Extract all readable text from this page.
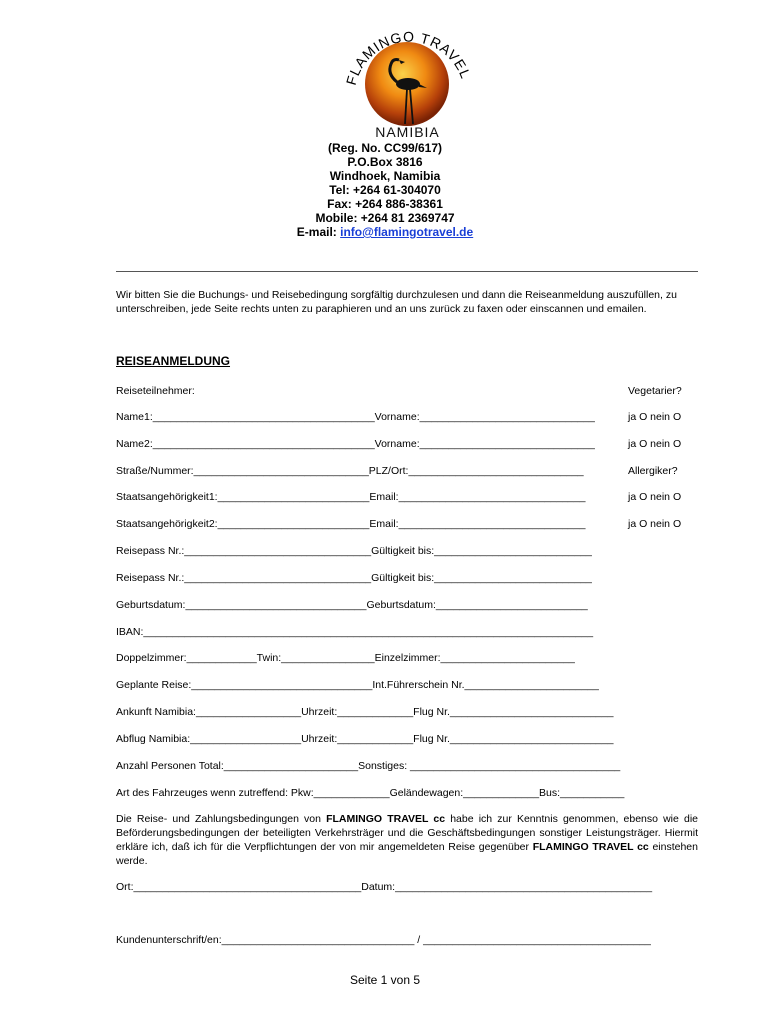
FLAMINGO TRAVEL
NAMIBIA
(Reg. No. CC99/617)
P.O.Box 3816
Windhoek, Namibia
Tel: +264 61-304070
Fax: +264 886-38361
Mobile: +264 81 2369747
E-mail: info@flamingotravel.de
Wir bitten Sie die Buchungs- und Reisebedingung sorgfältig durchzulesen und dann die Reiseanmeldung auszufüllen, zu unterschreiben, jede Seite rechts unten zu paraphieren und an uns zurück zu faxen oder einscannen und emailen.
REISEANMELDUNG
Reiseteilnehmer:	Vegetarier?
Name1:______________________________________Vorname:______________________________	ja O nein O
Name2:______________________________________Vorname:______________________________	ja O nein O
Straße/Nummer:______________________________PLZ/Ort:______________________________	Allergiker?
Staatsangehörigkeit1:__________________________Email:________________________________	ja O nein O
Staatsangehörigkeit2:__________________________Email:________________________________	ja O nein O
Reisepass Nr.:________________________________Gültigkeit bis:___________________________
Reisepass Nr.:________________________________Gültigkeit bis:___________________________
Geburtsdatum:_______________________________Geburtsdatum:__________________________
IBAN:_____________________________________________________________________________
Doppelzimmer:____________Twin:________________Einzelzimmer:_______________________
Geplante Reise:_______________________________Int.Führerschein Nr._______________________
Ankunft Namibia:__________________Uhrzeit:_____________Flug Nr.____________________________
Abflug Namibia:___________________Uhrzeit:_____________Flug Nr.____________________________
Anzahl Personen Total:_______________________Sonstiges: ____________________________________
Art des Fahrzeuges wenn zutreffend: Pkw:_____________Geländewagen:_____________Bus:___________
Die Reise- und Zahlungsbedingungen von FLAMINGO TRAVEL cc habe ich zur Kenntnis genommen, ebenso wie die Beförderungsbedingungen der beteiligten Verkehrsträger und die Geschäftsbedingungen sonstiger Leistungsträger. Hiermit erkläre ich, daß ich für die Verpflichtungen der von mir angemeldeten Reise gegenüber FLAMINGO TRAVEL cc einstehen werde.
Ort:_______________________________________Datum:____________________________________________
Kundenunterschrift/en:_________________________________ / _______________________________________
Seite 1 von 5
